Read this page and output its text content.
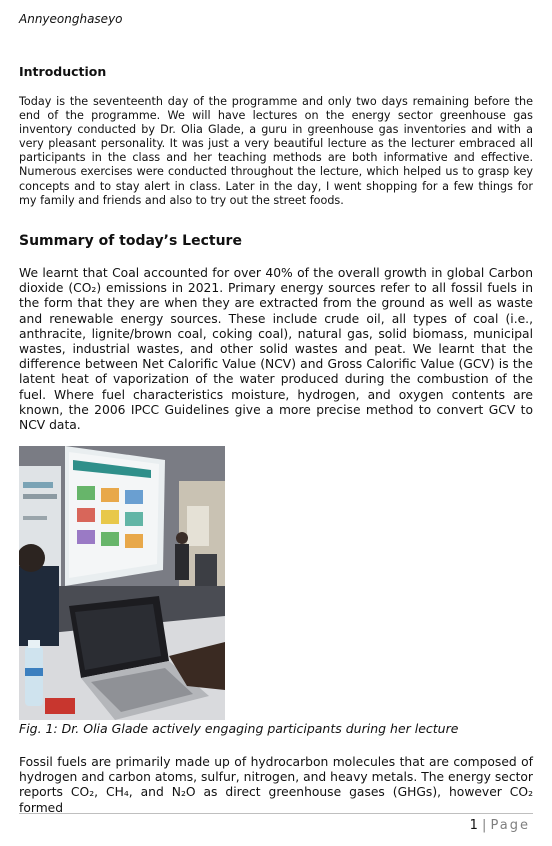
Annyeonghaseyo
Introduction
Today is the seventeenth day of the programme and only two days remaining before the end of the programme. We will have lectures on the energy sector greenhouse gas inventory conducted by Dr. Olia Glade, a guru in greenhouse gas inventories and with a very pleasant personality. It was just a very beautiful lecture as the lecturer embraced all participants in the class and her teaching methods are both informative and effective. Numerous exercises were conducted throughout the lecture, which helped us to grasp key concepts and to stay alert in class. Later in the day, I went shopping for a few things for my family and friends and also to try out the street foods.
Summary of today’s Lecture
We learnt that Coal accounted for over 40% of the overall growth in global Carbon dioxide (CO₂) emissions in 2021. Primary energy sources refer to all fossil fuels in the form that they are when they are extracted from the ground as well as waste and renewable energy sources. These include crude oil, all types of coal (i.e., anthracite, lignite/brown coal, coking coal), natural gas, solid biomass, municipal wastes, industrial wastes, and other solid wastes and peat. We learnt that the difference between Net Calorific Value (NCV) and Gross Calorific Value (GCV) is the latent heat of vaporization of the water produced during the combustion of the fuel. Where fuel characteristics moisture, hydrogen, and oxygen contents are known, the 2006 IPCC Guidelines give a more precise method to convert GCV to NCV data.
Fig. 1: Dr. Olia Glade actively engaging participants during her lecture
Fossil fuels are primarily made up of hydrocarbon molecules that are composed of hydrogen and carbon atoms, sulfur, nitrogen, and heavy metals. The energy sector reports CO₂, CH₄, and N₂O as direct greenhouse gases (GHGs), however CO₂ formed
1 | Page
